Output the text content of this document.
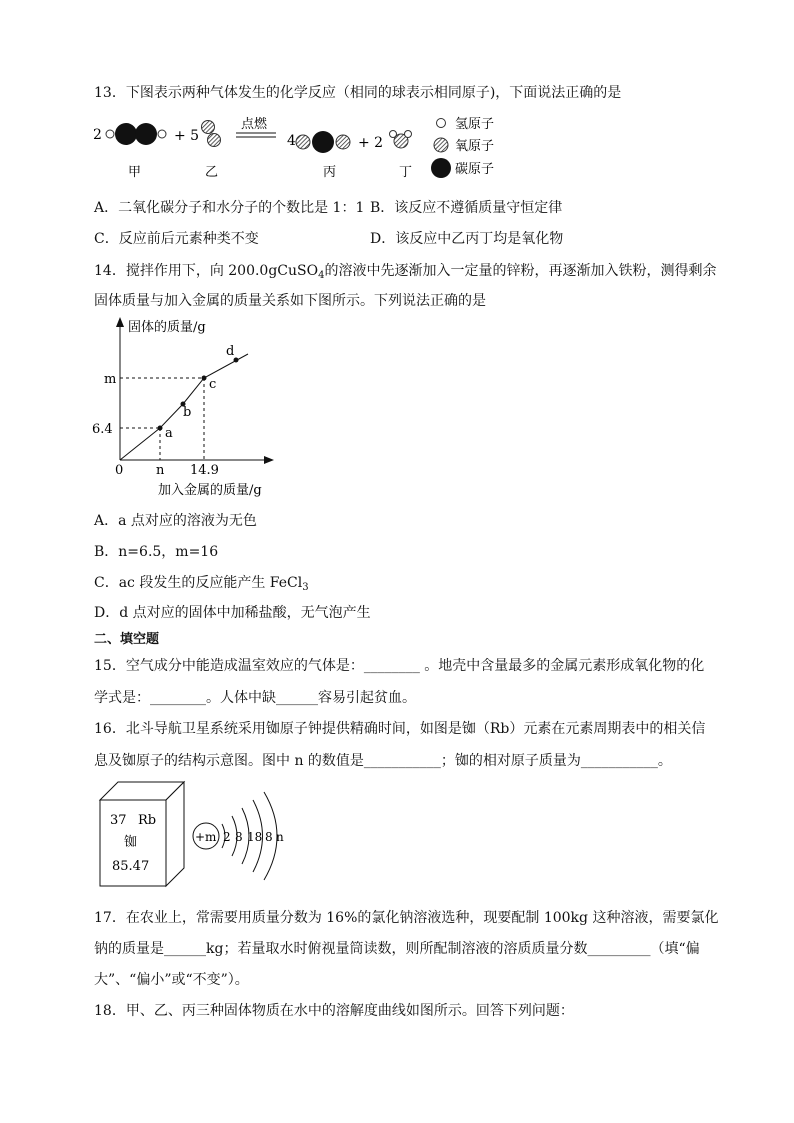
13．下图表示两种气体发生的化学反应（相同的球表示相同原子)，下面说法正确的是
2	+ 5
点燃
4	+ 2
甲	乙	丙	丁
氢原子
氧原子
碳原子
A．二氧化碳分子和水分子的个数比是 1：1 B．该反应不遵循质量守恒定律
C．反应前后元素种类不变	D．该反应中乙丙丁均是氧化物
14．搅拌作用下，向 200.0gCuSO$_4$的溶液中先逐渐加入一定量的锌粉，再逐渐加入铁粉，测得剩余
固体质量与加入金属的质量关系如下图所示。下列说法正确的是
固体的质量/g
加入金属的质量/g
a
b
c
d
6.4
m
0	n 14.9
A．a 点对应的溶液为无色
B．n=6.5，m=16
C．ac 段发生的反应能产生 FeCl$_3$
D．d 点对应的固体中加稀盐酸，无气泡产生
二、填空题
15．空气成分中能造成温室效应的气体是：________ 。地壳中含量最多的金属元素形成氧化物的化
学式是：________。人体中缺______容易引起贫血。
16．北斗导航卫星系统采用铷原子钟提供精确时间，如图是铷（Rb）元素在元素周期表中的相关信
息及铷原子的结构示意图。图中 n 的数值是___________；铷的相对原子质量为___________。
37 Rb
铷
85.47
+m 2 8 18 8 n
17．在农业上，常需要用质量分数为 16%的氯化钠溶液选种，现要配制 100kg 这种溶液，需要氯化
钠的质量是______kg；若量取水时俯视量筒读数，则所配制溶液的溶质质量分数_________（填“偏
大”、“偏小”或“不变”）。
18．甲、乙、丙三种固体物质在水中的溶解度曲线如图所示。回答下列问题：
